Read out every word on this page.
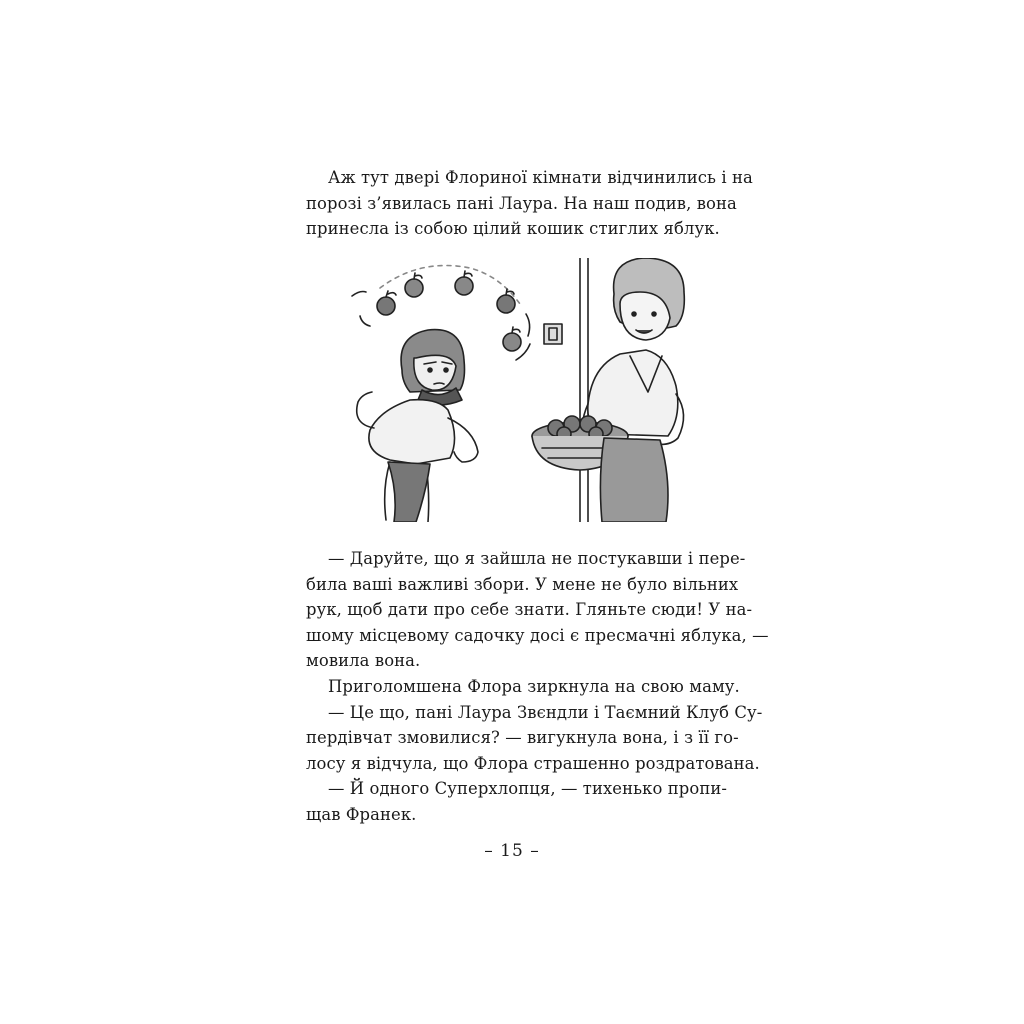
Аж тут двері Флориної кімнати відчинились і на
порозі з’явилась пані Лаура. На наш подив, вона
принесла із собою цілий кошик стиглих яблук.
— Даруйте, що я зайшла не постукавши і пере-
била ваші важливі збори. У мене не було вільних
рук, щоб дати про себе знати. Гляньте сюди! У на-
шому місцевому садочку досі є пресмачні яблука, —
мовила вона.
Приголомшена Флора зиркнула на свою маму.
— Це що, пані Лаура Звєндли і Таємний Клуб Су-
пердівчат змовилися? — вигукнула вона, і з її го-
лосу я відчула, що Флора страшенно роздратована.
— Й одного Суперхлопця, — тихенько пропи-
щав Франек.
– 15 –
